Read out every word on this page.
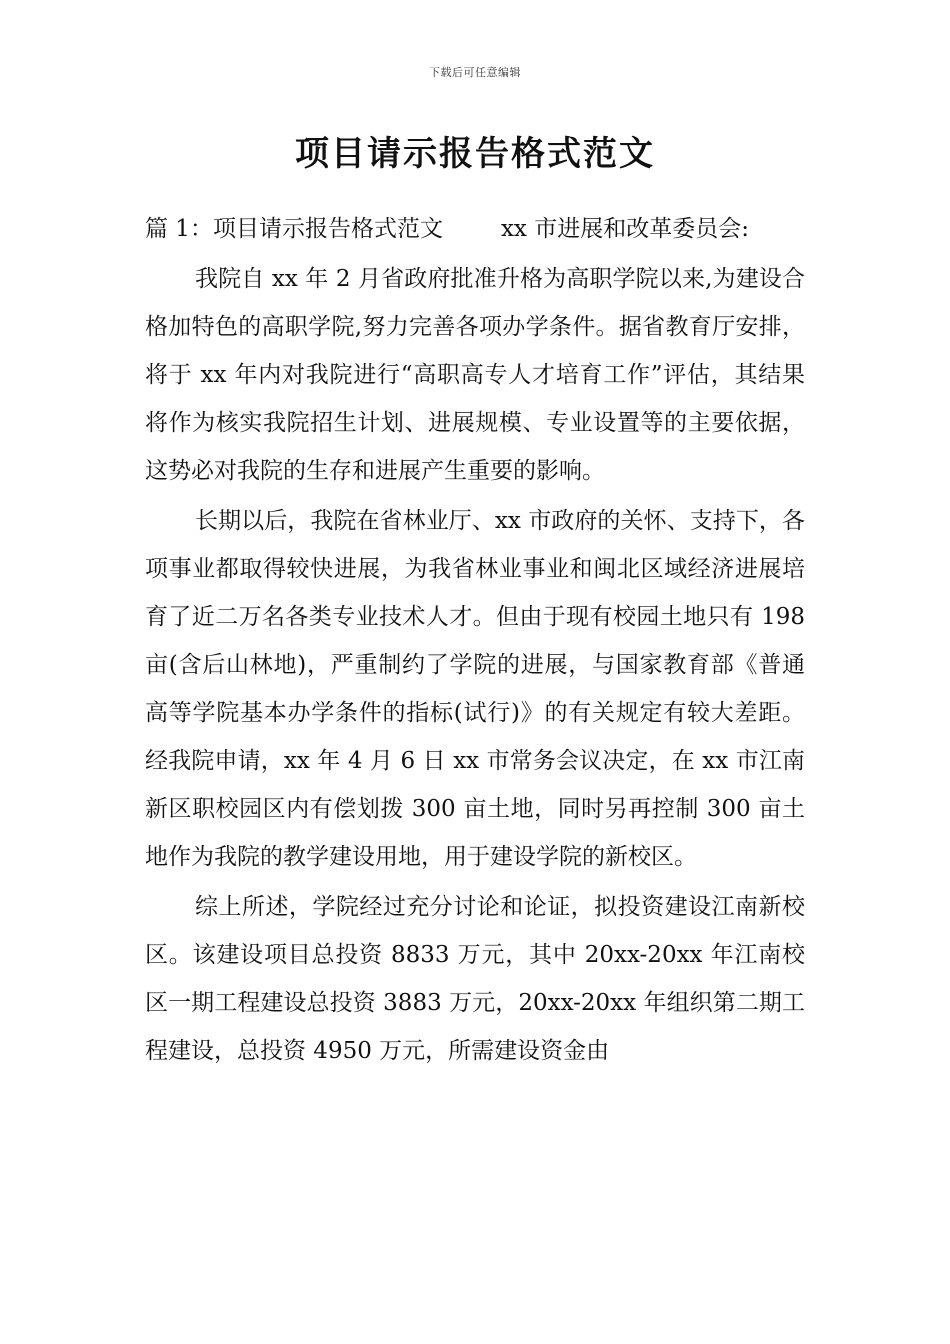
下载后可任意编辑
项目请示报告格式范文

篇 1：项目请示报告格式范文	xx 市进展和改革委员会:

我院自 xx 年 2 月省政府批准升格为高职学院以来,为建设合格加特色的高职学院,努力完善各项办学条件。据省教育厅安排，将于 xx 年内对我院进行“高职高专人才培育工作”评估，其结果将作为核实我院招生计划、进展规模、专业设置等的主要依据，这势必对我院的生存和进展产生重要的影响。

长期以后，我院在省林业厅、xx 市政府的关怀、支持下，各项事业都取得较快进展，为我省林业事业和闽北区域经济进展培育了近二万名各类专业技术人才。但由于现有校园土地只有 198 亩(含后山林地)，严重制约了学院的进展，与国家教育部《普通高等学院基本办学条件的指标(试行)》的有关规定有较大差距。经我院申请，xx 年 4 月 6 日 xx 市常务会议决定，在 xx 市江南新区职校园区内有偿划拨 300 亩土地，同时另再控制 300 亩土地作为我院的教学建设用地，用于建设学院的新校区。

综上所述，学院经过充分讨论和论证，拟投资建设江南新校区。该建设项目总投资 8833 万元，其中 20xx-20xx 年江南校区一期工程建设总投资 3883 万元，20xx-20xx 年组织第二期工程建设，总投资 4950 万元，所需建设资金由
